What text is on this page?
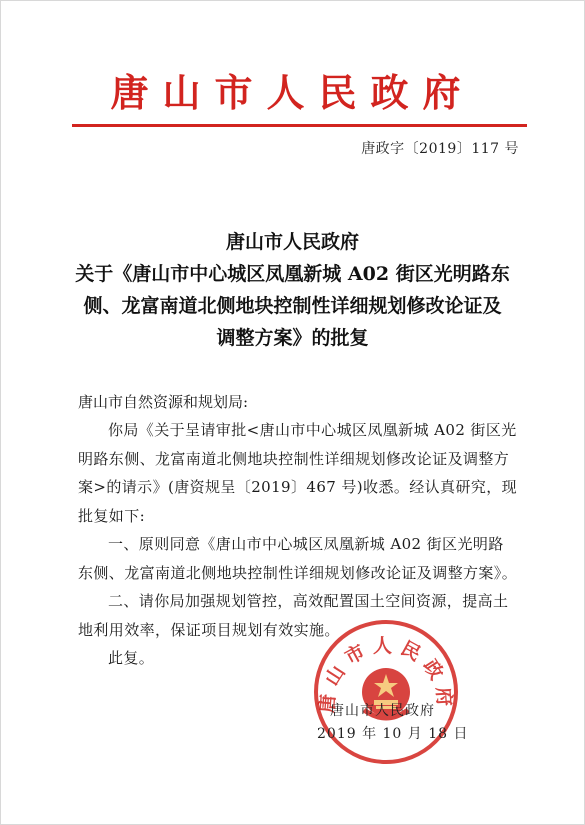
唐山市人民政府
唐政字〔2019〕117 号
唐山市人民政府
关于《唐山市中心城区凤凰新城 A02 街区光明路东
侧、龙富南道北侧地块控制性详细规划修改论证及
调整方案》的批复
唐山市自然资源和规划局:

你局《关于呈请审批<唐山市中心城区凤凰新城 A02 街区光明路东侧、龙富南道北侧地块控制性详细规划修改论证及调整方案>的请示》(唐资规呈〔2019〕467 号)收悉。经认真研究，现批复如下:

一、原则同意《唐山市中心城区凤凰新城 A02 街区光明路东侧、龙富南道北侧地块控制性详细规划修改论证及调整方案》。

二、请你局加强规划管控，高效配置国土空间资源，提高土地利用效率，保证项目规划有效实施。

此复。

唐山市人民政府
唐山市人民政府
2019 年 10 月 18 日
